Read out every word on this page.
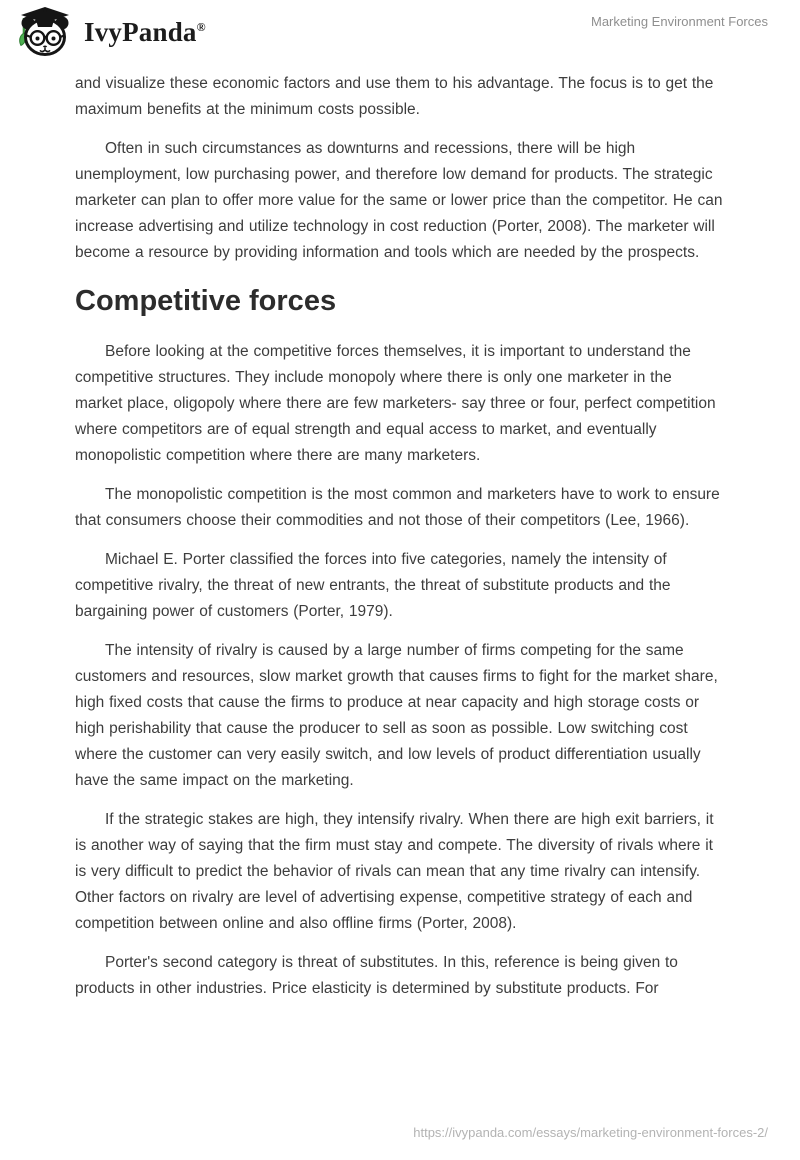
IvyPanda®	Marketing Environment Forces

and visualize these economic factors and use them to his advantage. The focus is to get the maximum benefits at the minimum costs possible.

Often in such circumstances as downturns and recessions, there will be high unemployment, low purchasing power, and therefore low demand for products. The strategic marketer can plan to offer more value for the same or lower price than the competitor. He can increase advertising and utilize technology in cost reduction (Porter, 2008). The marketer will become a resource by providing information and tools which are needed by the prospects.

Competitive forces

Before looking at the competitive forces themselves, it is important to understand the competitive structures. They include monopoly where there is only one marketer in the market place, oligopoly where there are few marketers- say three or four, perfect competition where competitors are of equal strength and equal access to market, and eventually monopolistic competition where there are many marketers.

The monopolistic competition is the most common and marketers have to work to ensure that consumers choose their commodities and not those of their competitors (Lee, 1966).

Michael E. Porter classified the forces into five categories, namely the intensity of competitive rivalry, the threat of new entrants, the threat of substitute products and the bargaining power of customers (Porter, 1979).

The intensity of rivalry is caused by a large number of firms competing for the same customers and resources, slow market growth that causes firms to fight for the market share, high fixed costs that cause the firms to produce at near capacity and high storage costs or high perishability that cause the producer to sell as soon as possible. Low switching cost where the customer can very easily switch, and low levels of product differentiation usually have the same impact on the marketing.

If the strategic stakes are high, they intensify rivalry. When there are high exit barriers, it is another way of saying that the firm must stay and compete. The diversity of rivals where it is very difficult to predict the behavior of rivals can mean that any time rivalry can intensify. Other factors on rivalry are level of advertising expense, competitive strategy of each and competition between online and also offline firms (Porter, 2008).

Porter's second category is threat of substitutes. In this, reference is being given to products in other industries. Price elasticity is determined by substitute products. For

https://ivypanda.com/essays/marketing-environment-forces-2/
